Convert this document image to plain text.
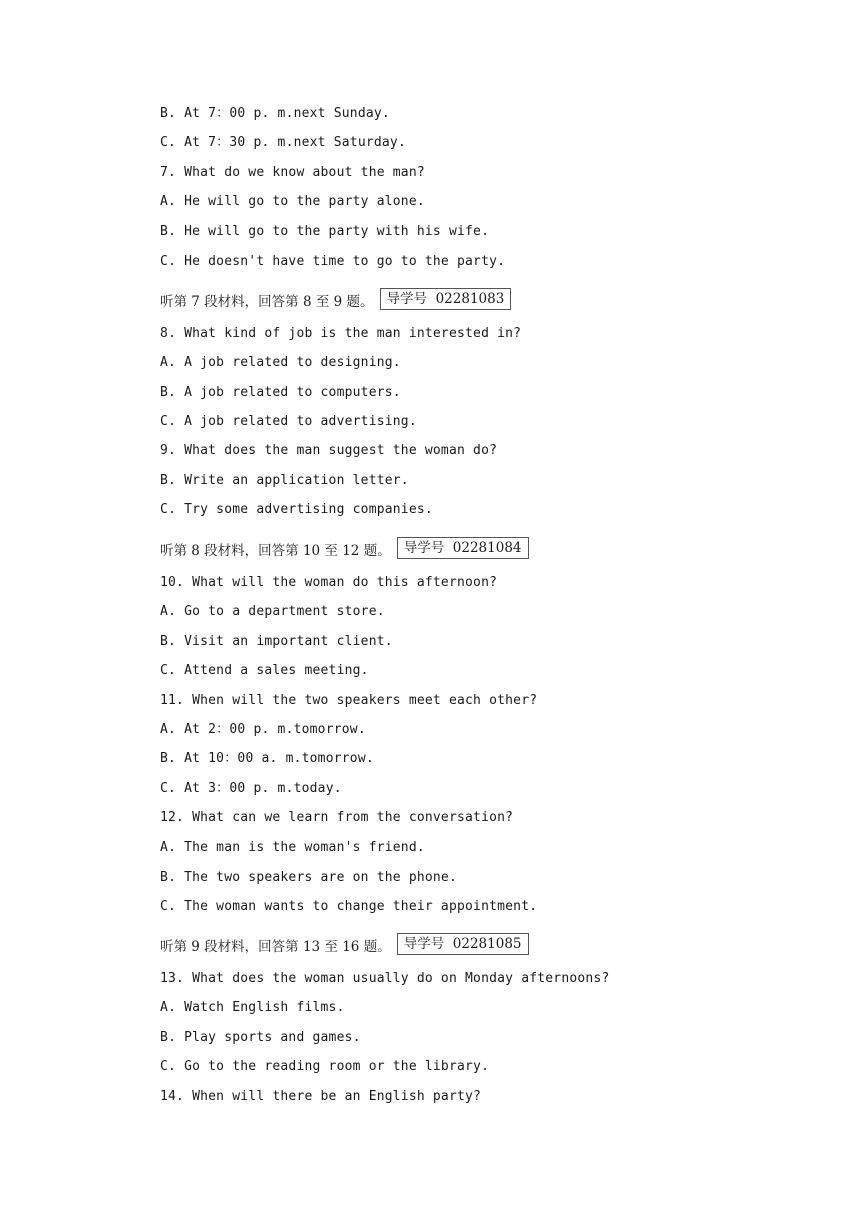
B. At 7：00 p. m.next Sunday.
C. At 7：30 p. m.next Saturday.
7. What do we know about the man?
A. He will go to the party alone.
B. He will go to the party with his wife.
C. He doesn't have time to go to the party.
听第 7 段材料，回答第 8 至 9 题。 导学号  02281083
8. What kind of job is the man interested in?
A. A job related to designing.
B. A job related to computers.
C. A job related to advertising.
9. What does the man suggest the woman do?
B. Write an application letter.
C. Try some advertising companies.
听第 8 段材料，回答第 10 至 12 题。 导学号  02281084
10. What will the woman do this afternoon?
A. Go to a department store.
B. Visit an important client.
C. Attend a sales meeting.
11. When will the two speakers meet each other?
A. At 2：00 p. m.tomorrow.
B. At 10：00 a. m.tomorrow.
C. At 3：00 p. m.today.
12. What can we learn from the conversation?
A. The man is the woman's friend.
B. The two speakers are on the phone.
C. The woman wants to change their appointment.
听第 9 段材料，回答第 13 至 16 题。 导学号  02281085
13. What does the woman usually do on Monday afternoons?
A. Watch English films.
B. Play sports and games.
C. Go to the reading room or the library.
14. When will there be an English party?
